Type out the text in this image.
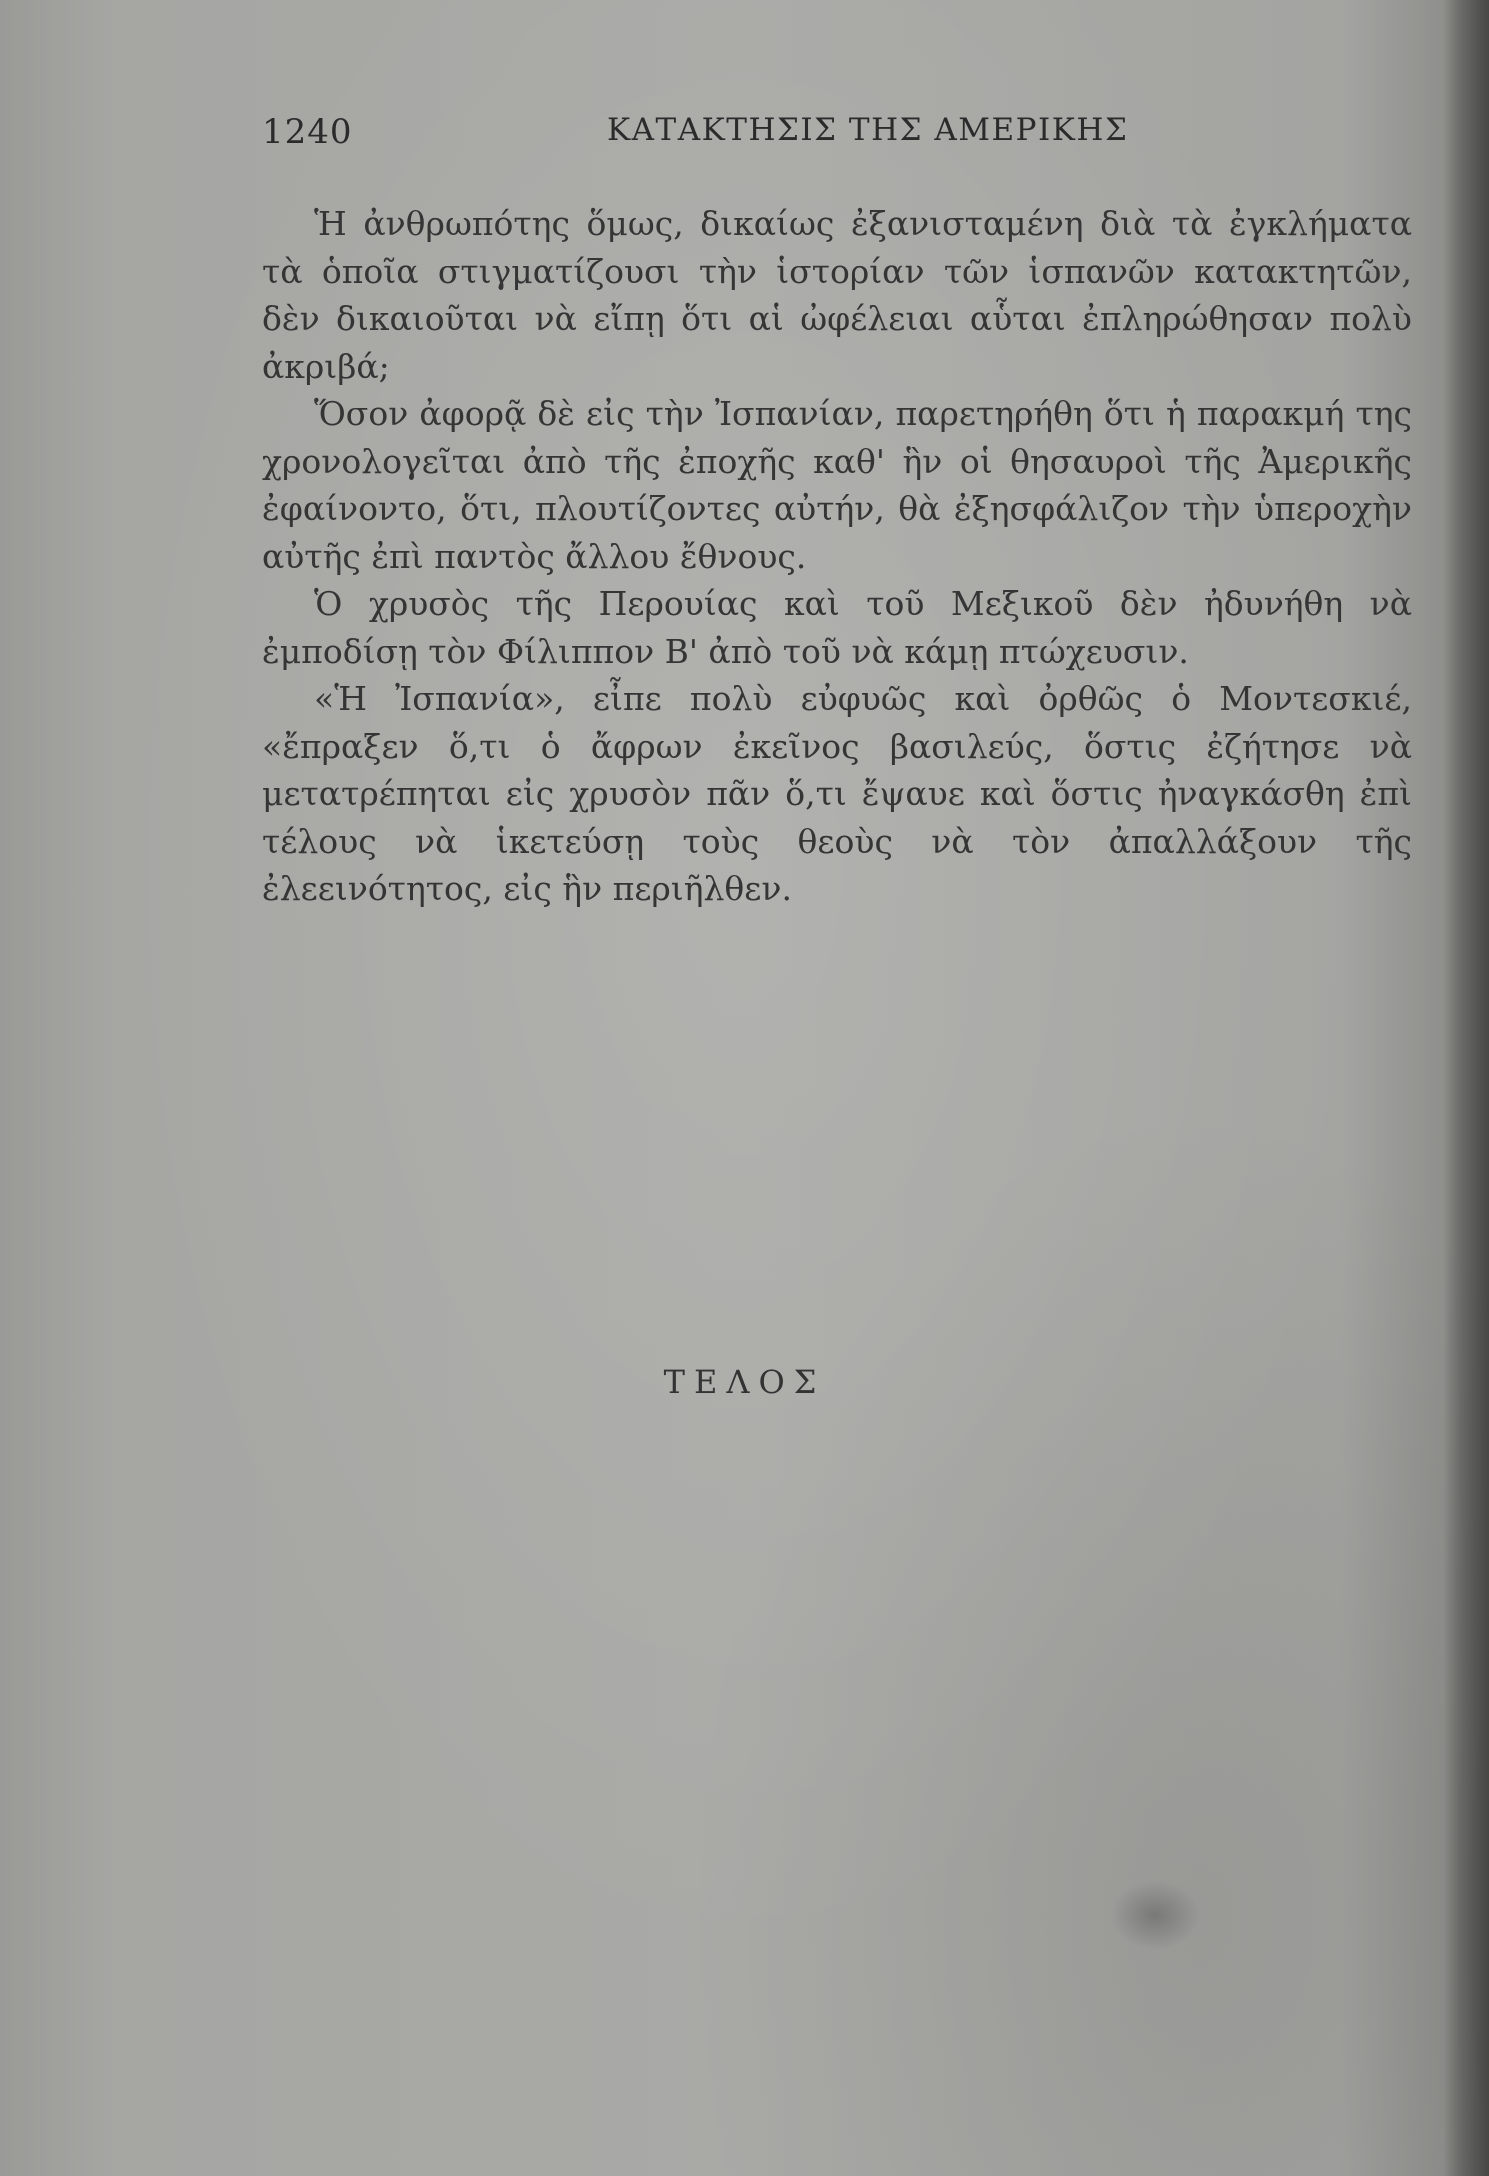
1240	ΚΑΤΑΚΤΗΣΙΣ ΤΗΣ ΑΜΕΡΙΚΗΣ

Ἡ ἀνθρωπότης ὅμως, δικαίως ἐξανισταμένη διὰ τὰ ἐγκλήματα τὰ ὁποῖα στιγματίζουσι τὴν ἱστορίαν τῶν ἱσπανῶν κατακτητῶν, δὲν δικαιοῦται νὰ εἴπῃ ὅτι αἱ ὠφέλειαι αὗται ἐπληρώθησαν πολὺ ἀκριβά;

Ὅσον ἀφορᾷ δὲ εἰς τὴν Ἰσπανίαν, παρετηρήθη ὅτι ἡ παρακμή της χρονολογεῖται ἀπὸ τῆς ἐποχῆς καθ' ἣν οἱ θησαυροὶ τῆς Ἀμερικῆς ἐφαίνοντο, ὅτι, πλουτίζοντες αὐτήν, θὰ ἐξησφάλιζον τὴν ὑπεροχὴν αὐτῆς ἐπὶ παντὸς ἄλλου ἔθνους.

Ὁ χρυσὸς τῆς Περουίας καὶ τοῦ Μεξικοῦ δὲν ἠδυνήθη νὰ ἐμποδίσῃ τὸν Φίλιππον Β' ἀπὸ τοῦ νὰ κάμῃ πτώχευσιν.

«Ἡ Ἰσπανία», εἶπε πολὺ εὐφυῶς καὶ ὀρθῶς ὁ Μοντεσκιέ, «ἔπραξεν ὅ,τι ὁ ἄφρων ἐκεῖνος βασιλεύς, ὅστις ἐζήτησε νὰ μετατρέπηται εἰς χρυσὸν πᾶν ὅ,τι ἔψαυε καὶ ὅστις ἠναγκάσθη ἐπὶ τέλους νὰ ἱκετεύσῃ τοὺς θεοὺς νὰ τὸν ἀπαλλάξουν τῆς ἐλεεινότητος, εἰς ἣν περιῆλθεν.

ΤΕΛΟΣ
